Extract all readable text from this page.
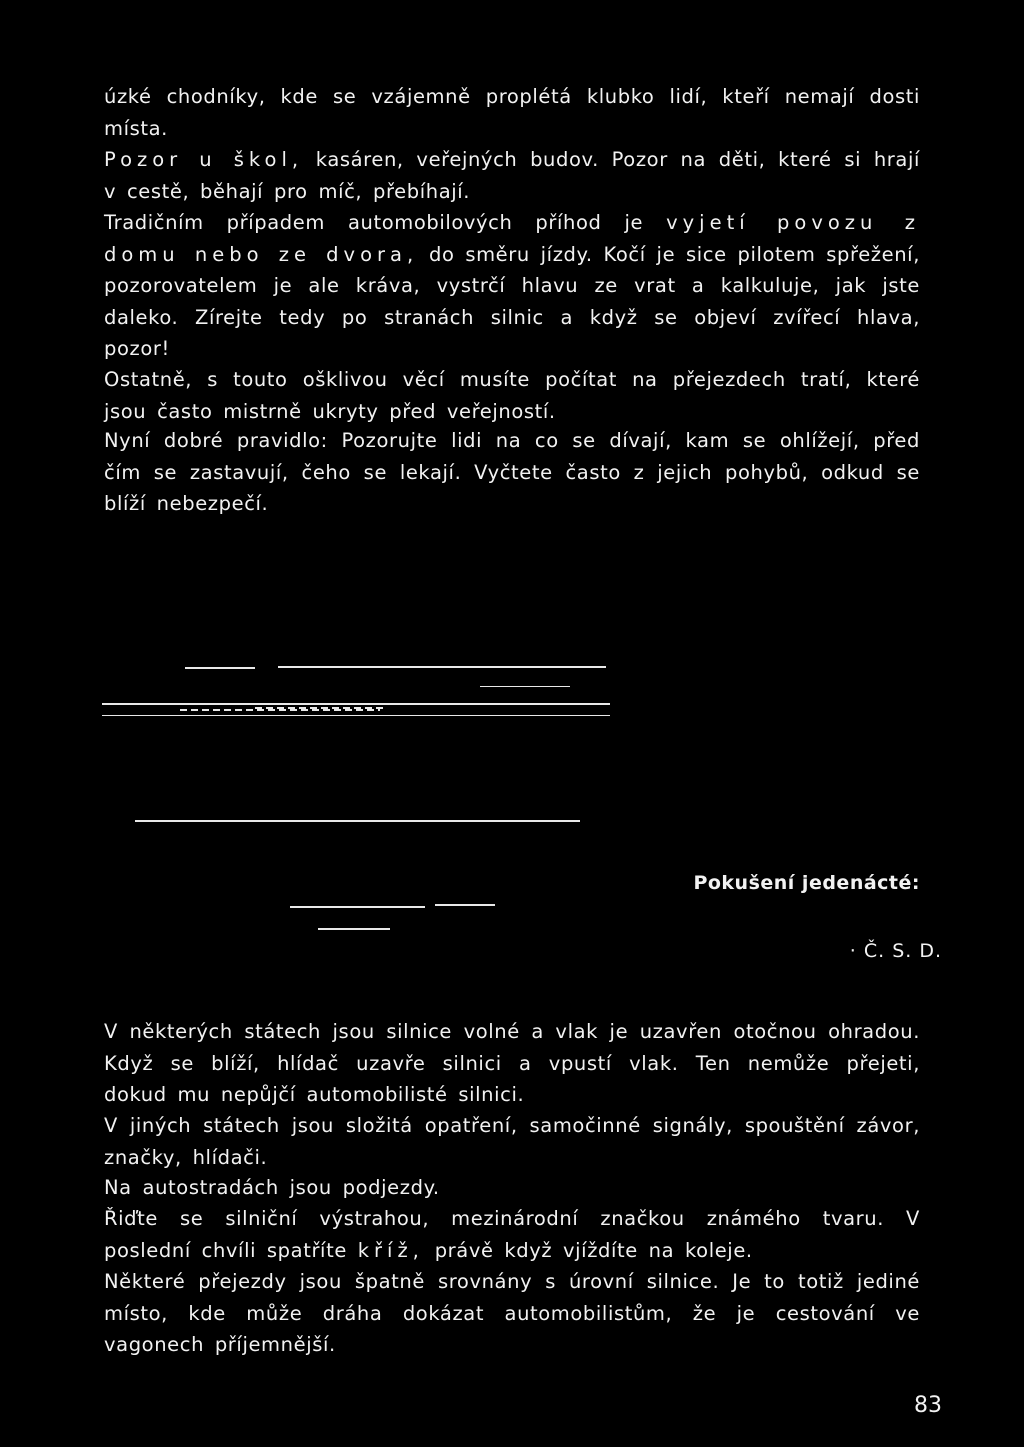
úzké chodníky, kde se vzájemně proplétá klubko lidí, kteří nemají dosti místa.

Pozor u škol, kasáren, veřejných budov. Pozor na děti, které si hrají v cestě, běhají pro míč, přebíhají.

Tradičním případem automobilových příhod je vyjetí povozu z domu nebo ze dvora, do směru jízdy. Kočí je sice pilotem spřežení, pozorovatelem je ale kráva, vystrčí hlavu ze vrat a kalkuluje, jak jste daleko. Zírejte tedy po stranách silnic a když se objeví zvířecí hlava, pozor!

Ostatně, s touto ošklivou věcí musíte počítat na přejezdech tratí, které jsou často mistrně ukryty před veřejností.

Nyní dobré pravidlo: Pozorujte lidi na co se dívají, kam se ohlížejí, před čím se zastavují, čeho se lekají. Vyčtete často z jejich pohybů, odkud se blíží nebezpečí.

Pokušení jedenácté:
· Č. S. D.

V některých státech jsou silnice volné a vlak je uzavřen otočnou ohradou. Když se blíží, hlídač uzavře silnici a vpustí vlak. Ten nemůže přejeti, dokud mu nepůjčí automobilisté silnici.

V jiných státech jsou složitá opatření, samočinné signály, spouštění závor, značky, hlídači.

Na autostradách jsou podjezdy.

Řiďte se silniční výstrahou, mezinárodní značkou známého tvaru. V poslední chvíli spatříte kříž, právě když vjíždíte na koleje.

Některé přejezdy jsou špatně srovnány s úrovní silnice. Je to totiž jediné místo, kde může dráha dokázat automobilistům, že je cestování ve vagonech příjemnější.

83
